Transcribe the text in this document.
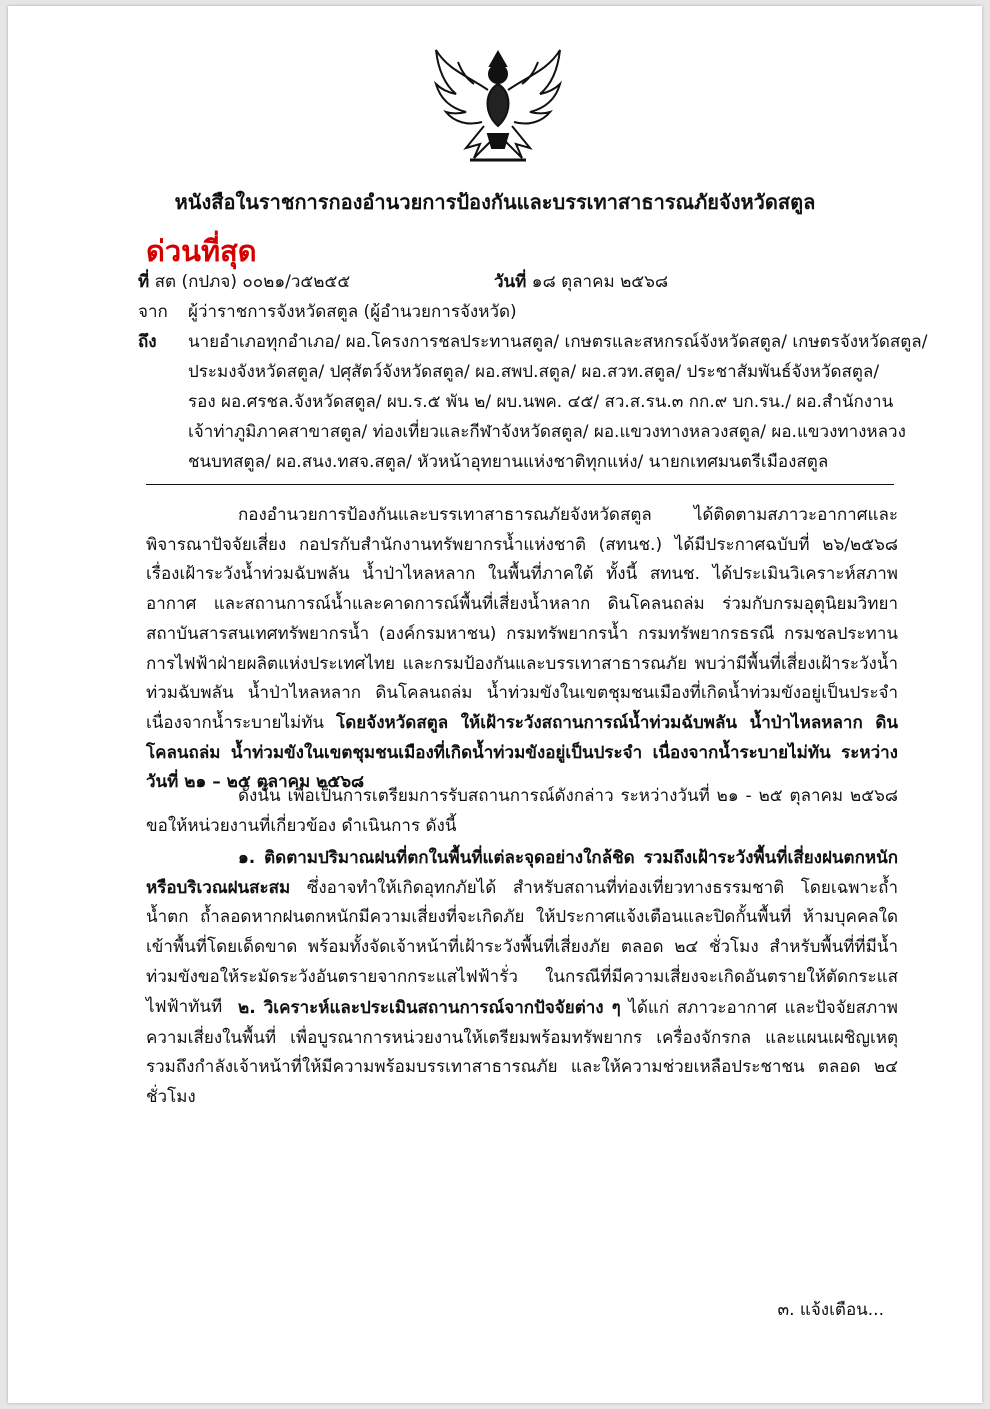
หนังสือในราชการกองอำนวยการป้องกันและบรรเทาสาธารณภัยจังหวัดสตูล
ด่วนที่สุด
ที่ สต (กปภจ) ๐๐๒๑/ว๕๒๕๕	วันที่ ๑๘ ตุลาคม ๒๕๖๘
จาก ผู้ว่าราชการจังหวัดสตูล (ผู้อำนวยการจังหวัด)
ถึง นายอำเภอทุกอำเภอ/ ผอ.โครงการชลประทานสตูล/ เกษตรและสหกรณ์จังหวัดสตูล/ เกษตรจังหวัดสตูล/
ประมงจังหวัดสตูล/ ปศุสัตว์จังหวัดสตูล/ ผอ.สพป.สตูล/ ผอ.สวท.สตูล/ ประชาสัมพันธ์จังหวัดสตูล/
รอง ผอ.ศรชล.จังหวัดสตูล/ ผบ.ร.๕ พัน ๒/ ผบ.นพค. ๔๕/ สว.ส.รน.๓ กก.๙ บก.รน./ ผอ.สำนักงาน
เจ้าท่าภูมิภาคสาขาสตูล/ ท่องเที่ยวและกีฬาจังหวัดสตูล/ ผอ.แขวงทางหลวงสตูล/ ผอ.แขวงทางหลวง
ชนบทสตูล/ ผอ.สนง.ทสจ.สตูล/ หัวหน้าอุทยานแห่งชาติทุกแห่ง/ นายกเทศมนตรีเมืองสตูล
กองอำนวยการป้องกันและบรรเทาสาธารณภัยจังหวัดสตูล ได้ติดตามสภาวะอากาศและพิจารณาปัจจัยเสี่ยง กอปรกับสำนักงานทรัพยากรน้ำแห่งชาติ (สทนช.) ได้มีประกาศฉบับที่ ๒๖/๒๕๖๘ เรื่องเฝ้าระวังน้ำท่วมฉับพลัน น้ำป่าไหลหลาก ในพื้นที่ภาคใต้ ทั้งนี้ สทนช. ได้ประเมินวิเคราะห์สภาพอากาศ และสถานการณ์น้ำและคาดการณ์พื้นที่เสี่ยงน้ำหลาก ดินโคลนถล่ม ร่วมกับกรมอุตุนิยมวิทยา สถาบันสารสนเทศทรัพยากรน้ำ (องค์กรมหาชน) กรมทรัพยากรน้ำ กรมทรัพยากรธรณี กรมชลประทาน การไฟฟ้าฝ่ายผลิตแห่งประเทศไทย และกรมป้องกันและบรรเทาสาธารณภัย พบว่ามีพื้นที่เสี่ยงเฝ้าระวังน้ำท่วมฉับพลัน น้ำป่าไหลหลาก ดินโคลนถล่ม น้ำท่วมขังในเขตชุมชนเมืองที่เกิดน้ำท่วมขังอยู่เป็นประจำ เนื่องจากน้ำระบายไม่ทัน โดยจังหวัดสตูล ให้เฝ้าระวังสถานการณ์น้ำท่วมฉับพลัน น้ำป่าไหลหลาก ดินโคลนถล่ม น้ำท่วมขังในเขตชุมชนเมืองที่เกิดน้ำท่วมขังอยู่เป็นประจำ เนื่องจากน้ำระบายไม่ทัน ระหว่างวันที่ ๒๑ – ๒๕ ตุลาคม ๒๕๖๘
ดังนั้น เพื่อเป็นการเตรียมการรับสถานการณ์ดังกล่าว ระหว่างวันที่ ๒๑ - ๒๕ ตุลาคม ๒๕๖๘ ขอให้หน่วยงานที่เกี่ยวข้อง ดำเนินการ ดังนี้
๑. ติดตามปริมาณฝนที่ตกในพื้นที่แต่ละจุดอย่างใกล้ชิด รวมถึงเฝ้าระวังพื้นที่เสี่ยงฝนตกหนักหรือบริเวณฝนสะสม ซึ่งอาจทำให้เกิดอุทกภัยได้ สำหรับสถานที่ท่องเที่ยวทางธรรมชาติ โดยเฉพาะถ้ำน้ำตก ถ้ำลอดหากฝนตกหนักมีความเสี่ยงที่จะเกิดภัย ให้ประกาศแจ้งเตือนและปิดกั้นพื้นที่ ห้ามบุคคลใดเข้าพื้นที่โดยเด็ดขาด พร้อมทั้งจัดเจ้าหน้าที่เฝ้าระวังพื้นที่เสี่ยงภัย ตลอด ๒๔ ชั่วโมง สำหรับพื้นที่ที่มีน้ำท่วมขังขอให้ระมัดระวังอันตรายจากกระแสไฟฟ้ารั่ว ในกรณีที่มีความเสี่ยงจะเกิดอันตรายให้ตัดกระแสไฟฟ้าทันที ๒. วิเคราะห์และประเมินสถานการณ์จากปัจจัยต่าง ๆ ได้แก่ สภาวะอากาศ และปัจจัยสภาพความเสี่ยงในพื้นที่ เพื่อบูรณาการหน่วยงานให้เตรียมพร้อมทรัพยากร เครื่องจักรกล และแผนเผชิญเหตุ รวมถึงกำลังเจ้าหน้าที่ให้มีความพร้อมบรรเทาสาธารณภัย และให้ความช่วยเหลือประชาชน ตลอด ๒๔ ชั่วโมง
๓. แจ้งเตือน...
